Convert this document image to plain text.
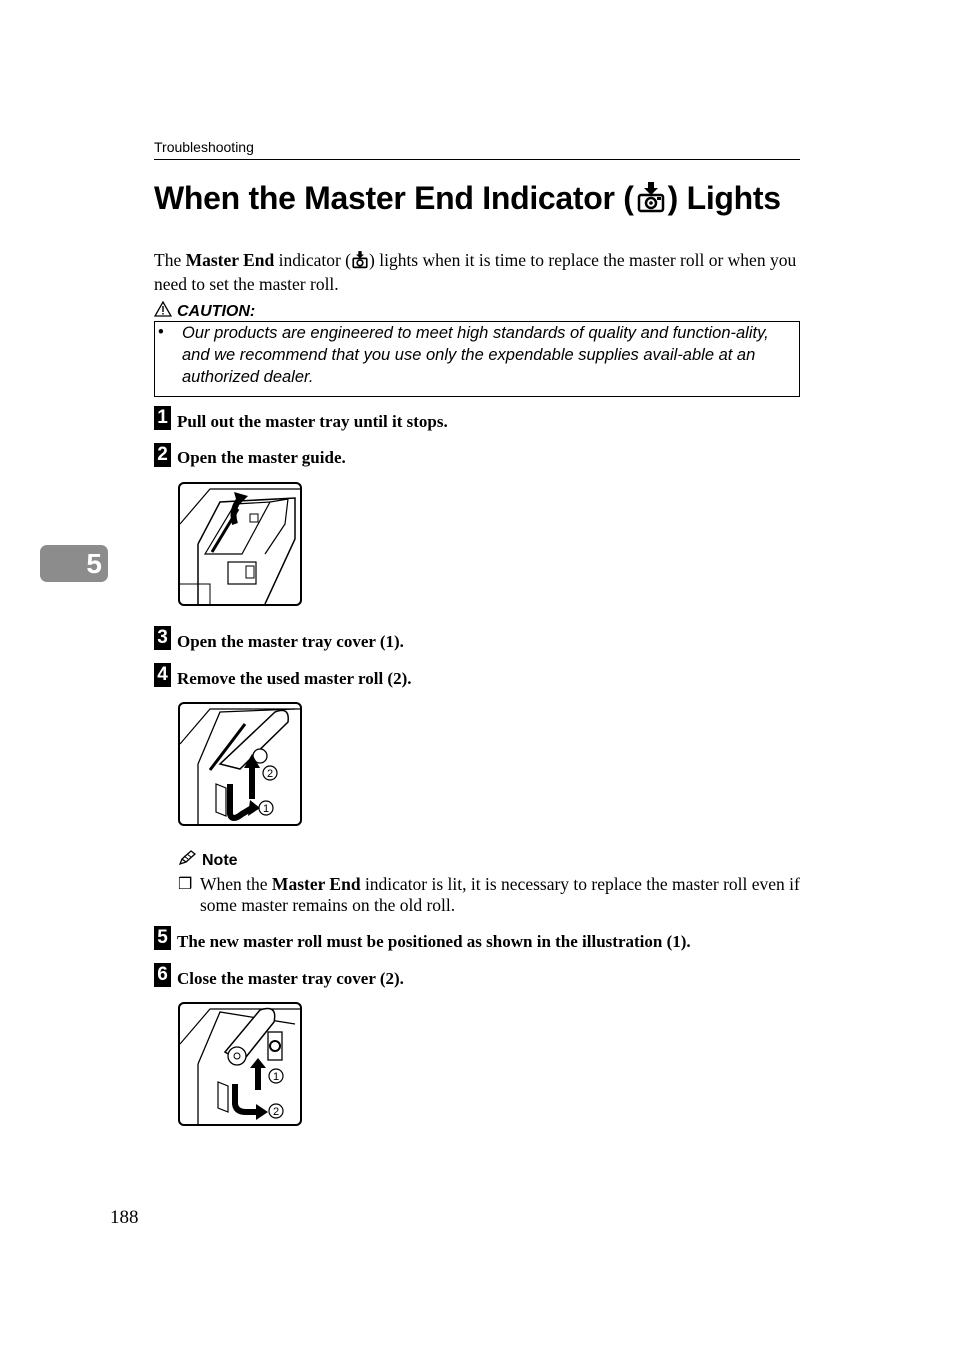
Troubleshooting
When the Master End Indicator ( ) Lights
The Master End indicator ( ) lights when it is time to replace the master roll or when you need to set the master roll.
CAUTION:
• Our products are engineered to meet high standards of quality and function-ality, and we recommend that you use only the expendable supplies avail-able at an authorized dealer.
1 Pull out the master tray until it stops.
2 Open the master guide.
3 Open the master tray cover (1).
4 Remove the used master roll (2).
2
1
5
Note
❒ When the Master End indicator is lit, it is necessary to replace the master roll even if some master remains on the old roll.
5 The new master roll must be positioned as shown in the illustration (1).
6 Close the master tray cover (2).
1
2
188
